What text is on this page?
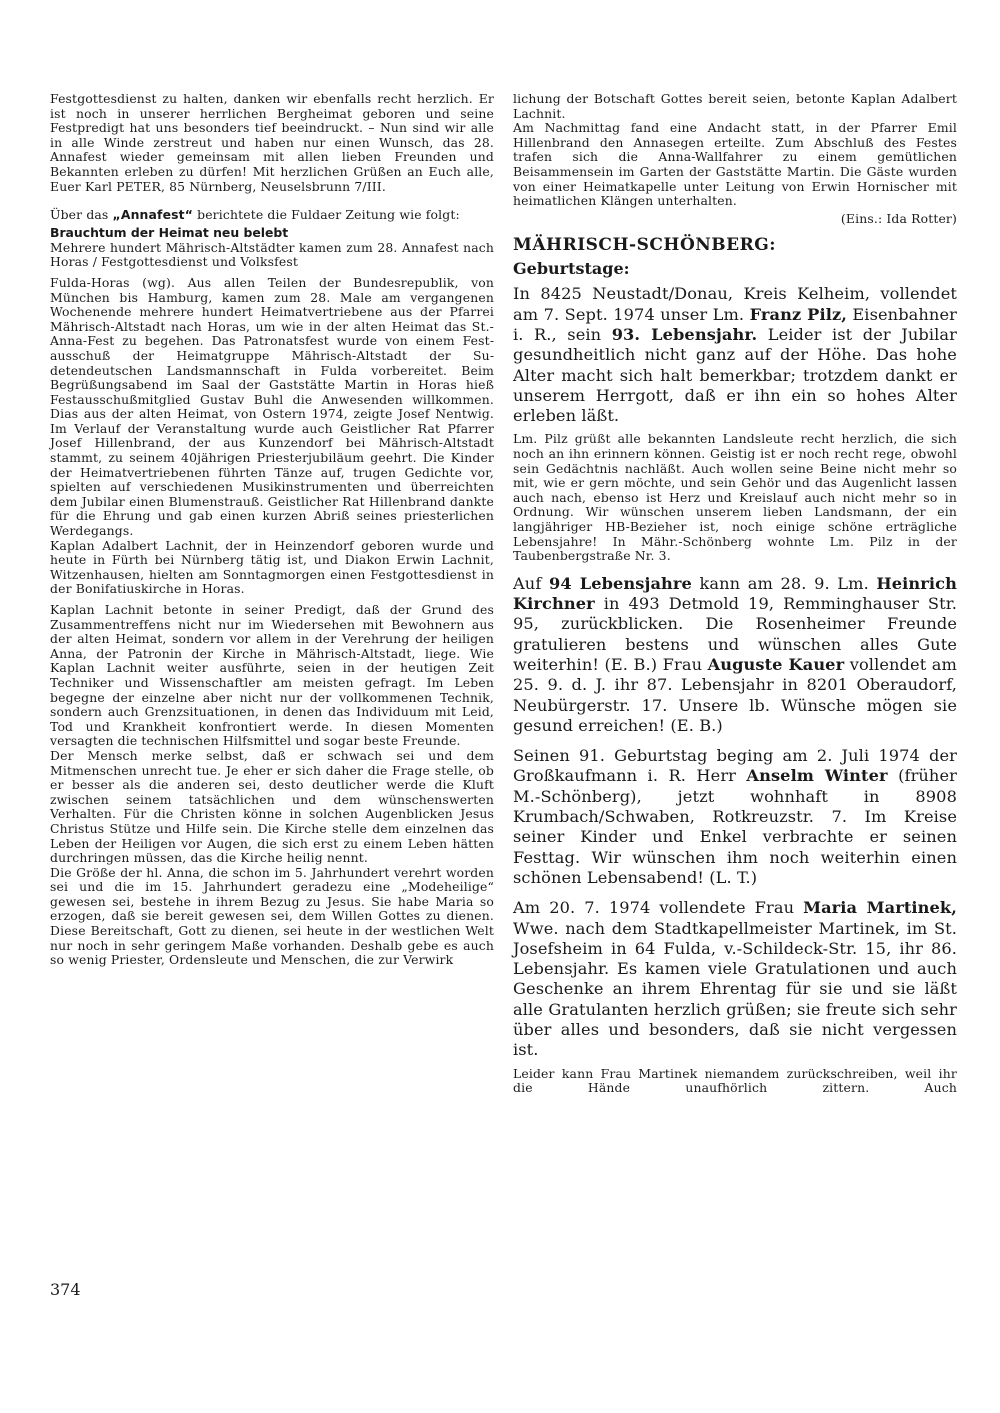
Festgottesdienst zu halten, danken wir ebenfalls recht herzlich. Er ist noch in unserer herrlichen Bergheimat geboren und seine Festpredigt hat uns besonders tief beeindruckt. – Nun sind wir alle in alle Winde zerstreut und haben nur einen Wunsch, das 28. Annafest wieder gemeinsam mit allen lieben Freunden und Bekannten erleben zu dürfen! Mit herzlichen Grüßen an Euch alle, Euer Karl PETER, 85 Nürnberg, Neuselsbrunn 7/III.

Über das „Annafest“ berichtete die Fuldaer Zeitung wie folgt:

Brauchtum der Heimat neu belebt

Mehrere hundert Mährisch-Altstädter kamen zum 28. Annafest nach Horas / Festgottesdienst und Volksfest

Fulda-Horas (wg). Aus allen Teilen der Bundesrepublik, von München bis Hamburg, kamen zum 28. Male am vergangenen Wochenende mehrere hundert Heimatvertriebene aus der Pfarrei Mährisch-Altstadt nach Horas, um wie in der alten Heimat das St.-Anna-Fest zu begehen. Das Patronatsfest wurde von einem Festausschuß der Heimatgruppe Mährisch-Altstadt der Sudetendeutschen Landsmannschaft in Fulda vorbereitet. Beim Begrüßungsabend im Saal der Gaststätte Martin in Horas hieß Festausschußmitglied Gustav Buhl die Anwesenden willkommen. Dias aus der alten Heimat, von Ostern 1974, zeigte Josef Nentwig. Im Verlauf der Veranstaltung wurde auch Geistlicher Rat Pfarrer Josef Hillenbrand, der aus Kunzendorf bei Mährisch-Altstadt stammt, zu seinem 40jährigen Priesterjubiläum geehrt. Die Kinder der Heimatvertriebenen führten Tänze auf, trugen Gedichte vor, spielten auf verschiedenen Musikinstrumenten und überreichten dem Jubilar einen Blumenstrauß. Geistlicher Rat Hillenbrand dankte für die Ehrung und gab einen kurzen Abriß seines priesterlichen Werdegangs.

Kaplan Adalbert Lachnit, der in Heinzendorf geboren wurde und heute in Fürth bei Nürnberg tätig ist, und Diakon Erwin Lachnit, Witzenhausen, hielten am Sonntagmorgen einen Festgottesdienst in der Bonifatiuskirche in Horas.

Kaplan Lachnit betonte in seiner Predigt, daß der Grund des Zusammentreffens nicht nur im Wiedersehen mit Bewohnern aus der alten Heimat, sondern vor allem in der Verehrung der heiligen Anna, der Patronin der Kirche in Mährisch-Altstadt, liege. Wie Kaplan Lachnit weiter ausführte, seien in der heutigen Zeit Techniker und Wissenschaftler am meisten gefragt. Im Leben begegne der einzelne aber nicht nur der vollkommenen Technik, sondern auch Grenzsituationen, in denen das Individuum mit Leid, Tod und Krankheit konfrontiert werde. In diesen Momenten versagten die technischen Hilfsmittel und sogar beste Freunde.

Der Mensch merke selbst, daß er schwach sei und dem Mitmenschen unrecht tue. Je eher er sich daher die Frage stelle, ob er besser als die anderen sei, desto deutlicher werde die Kluft zwischen seinem tatsächlichen und dem wünschenswerten Verhalten. Für die Christen könne in solchen Augenblicken Jesus Christus Stütze und Hilfe sein. Die Kirche stelle dem einzelnen das Leben der Heiligen vor Augen, die sich erst zu einem Leben hätten durchringen müssen, das die Kirche heilig nennt.

Die Größe der hl. Anna, die schon im 5. Jahrhundert verehrt worden sei und die im 15. Jahrhundert geradezu eine „Modeheilige“ gewesen sei, bestehe in ihrem Bezug zu Jesus. Sie habe Maria so erzogen, daß sie bereit gewesen sei, dem Willen Gottes zu dienen. Diese Bereitschaft, Gott zu dienen, sei heute in der westlichen Welt nur noch in sehr geringem Maße vorhanden. Deshalb gebe es auch so wenig Priester, Ordensleute und Menschen, die zur Verwirk

374

lichung der Botschaft Gottes bereit seien, betonte Kaplan Adalbert Lachnit.

Am Nachmittag fand eine Andacht statt, in der Pfarrer Emil Hillenbrand den Annasegen erteilte. Zum Abschluß des Festes trafen sich die Anna-Wallfahrer zu einem gemütlichen Beisammensein im Garten der Gaststätte Martin. Die Gäste wurden von einer Heimatkapelle unter Leitung von Erwin Hornischer mit heimatlichen Klängen unterhalten.

(Eins.: Ida Rotter)

MÄHRISCH-SCHÖNBERG:
Geburtstage:

In 8425 Neustadt/Donau, Kreis Kelheim, vollendet am 7. Sept. 1974 unser Lm. Franz Pilz, Eisenbahner i. R., sein 93. Lebensjahr. Leider ist der Jubilar gesundheitlich nicht ganz auf der Höhe. Das hohe Alter macht sich halt bemerkbar; trotzdem dankt er unserem Herrgott, daß er ihn ein so hohes Alter erleben läßt.

Lm. Pilz grüßt alle bekannten Landsleute recht herzlich, die sich noch an ihn erinnern können. Geistig ist er noch recht rege, obwohl sein Gedächtnis nachläßt. Auch wollen seine Beine nicht mehr so mit, wie er gern möchte, und sein Gehör und das Augenlicht lassen auch nach, ebenso ist Herz und Kreislauf auch nicht mehr so in Ordnung. Wir wünschen unserem lieben Landsmann, der ein langjähriger HB-Bezieher ist, noch einige schöne erträgliche Lebensjahre! In Mähr.-Schönberg wohnte Lm. Pilz in der Taubenbergstraße Nr. 3.

Auf 94 Lebensjahre kann am 28. 9. Lm. Heinrich Kirchner in 493 Detmold 19, Remminghauser Str. 95, zurückblicken. Die Rosenheimer Freunde gratulieren bestens und wünschen alles Gute weiterhin! (E. B.) Frau Auguste Kauer vollendet am 25. 9. d. J. ihr 87. Lebensjahr in 8201 Oberaudorf, Neubürgerstr. 17. Unsere lb. Wünsche mögen sie gesund erreichen! (E. B.)

Seinen 91. Geburtstag beging am 2. Juli 1974 der Großkaufmann i. R. Herr Anselm Winter (früher M.-Schönberg), jetzt wohnhaft in 8908 Krumbach/Schwaben, Rotkreuzstr. 7. Im Kreise seiner Kinder und Enkel verbrachte er seinen Festtag. Wir wünschen ihm noch weiterhin einen schönen Lebensabend! (L. T.)

Am 20. 7. 1974 vollendete Frau Maria Martinek, Wwe. nach dem Stadtkapellmeister Martinek, im St. Josefsheim in 64 Fulda, v.-Schildeck-Str. 15, ihr 86. Lebensjahr. Es kamen viele Gratulationen und auch Geschenke an ihrem Ehrentag für sie und sie läßt alle Gratulanten herzlich grüßen; sie freute sich sehr über alles und besonders, daß sie nicht vergessen ist.

Leider kann Frau Martinek niemandem zurückschreiben, weil ihr die Hände unaufhörlich zittern. Auch
